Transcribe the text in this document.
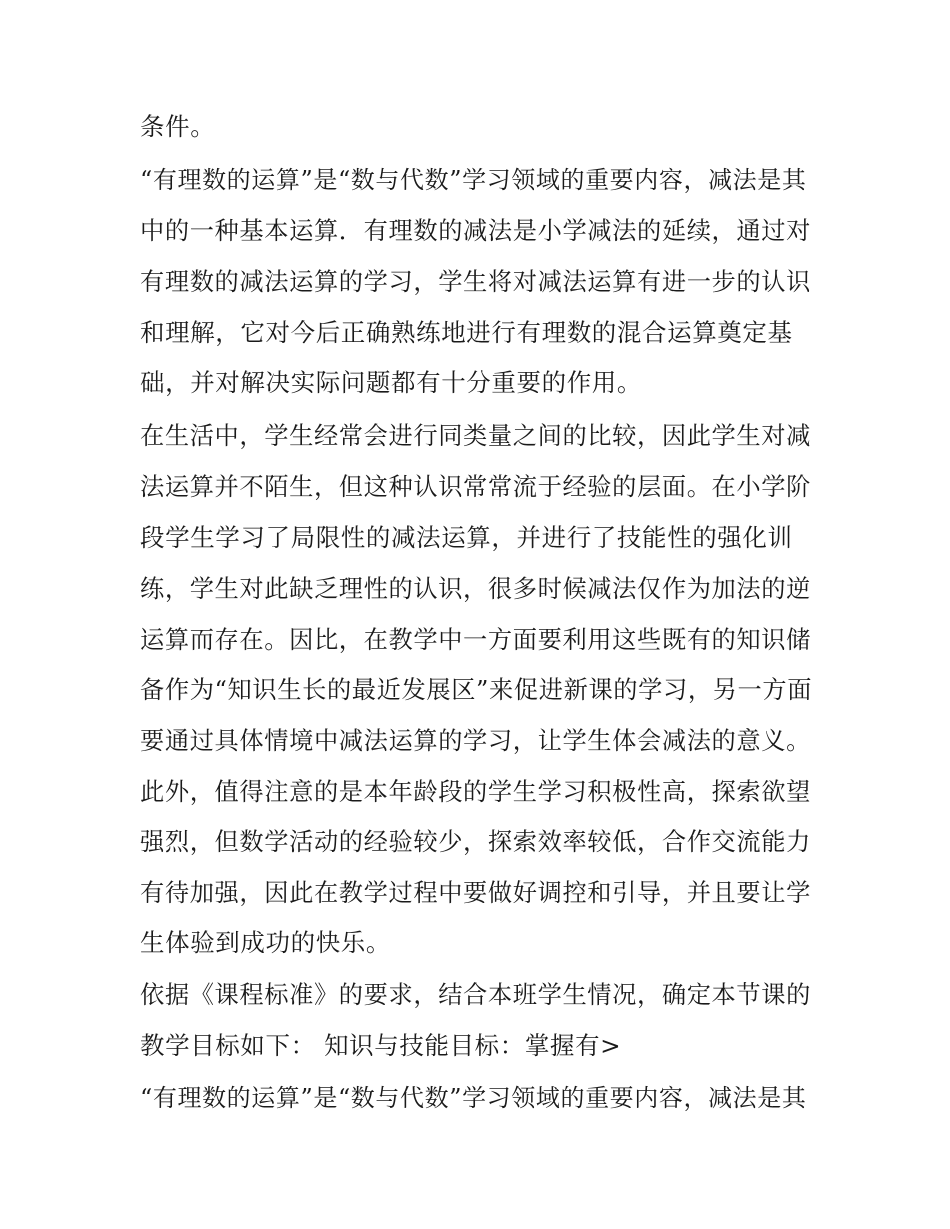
条件。
“有理数的运算”是“数与代数”学习领域的重要内容，减法是其
中的一种基本运算．有理数的减法是小学减法的延续，通过对
有理数的减法运算的学习，学生将对减法运算有进一步的认识
和理解，它对今后正确熟练地进行有理数的混合运算奠定基
础，并对解决实际问题都有十分重要的作用。
在生活中，学生经常会进行同类量之间的比较，因此学生对减
法运算并不陌生，但这种认识常常流于经验的层面。在小学阶
段学生学习了局限性的减法运算，并进行了技能性的强化训
练，学生对此缺乏理性的认识，很多时候减法仅作为加法的逆
运算而存在。因比，在教学中一方面要利用这些既有的知识储
备作为“知识生长的最近发展区”来促进新课的学习，另一方面
要通过具体情境中减法运算的学习，让学生体会减法的意义。
此外，值得注意的是本年龄段的学生学习积极性高，探索欲望
强烈，但数学活动的经验较少，探索效率较低，合作交流能力
有待加强，因此在教学过程中要做好调控和引导，并且要让学
生体验到成功的快乐。
依据《课程标准》的要求，结合本班学生情况，确定本节课的
教学目标如下： 知识与技能目标：掌握有>
“有理数的运算”是“数与代数”学习领域的重要内容，减法是其
